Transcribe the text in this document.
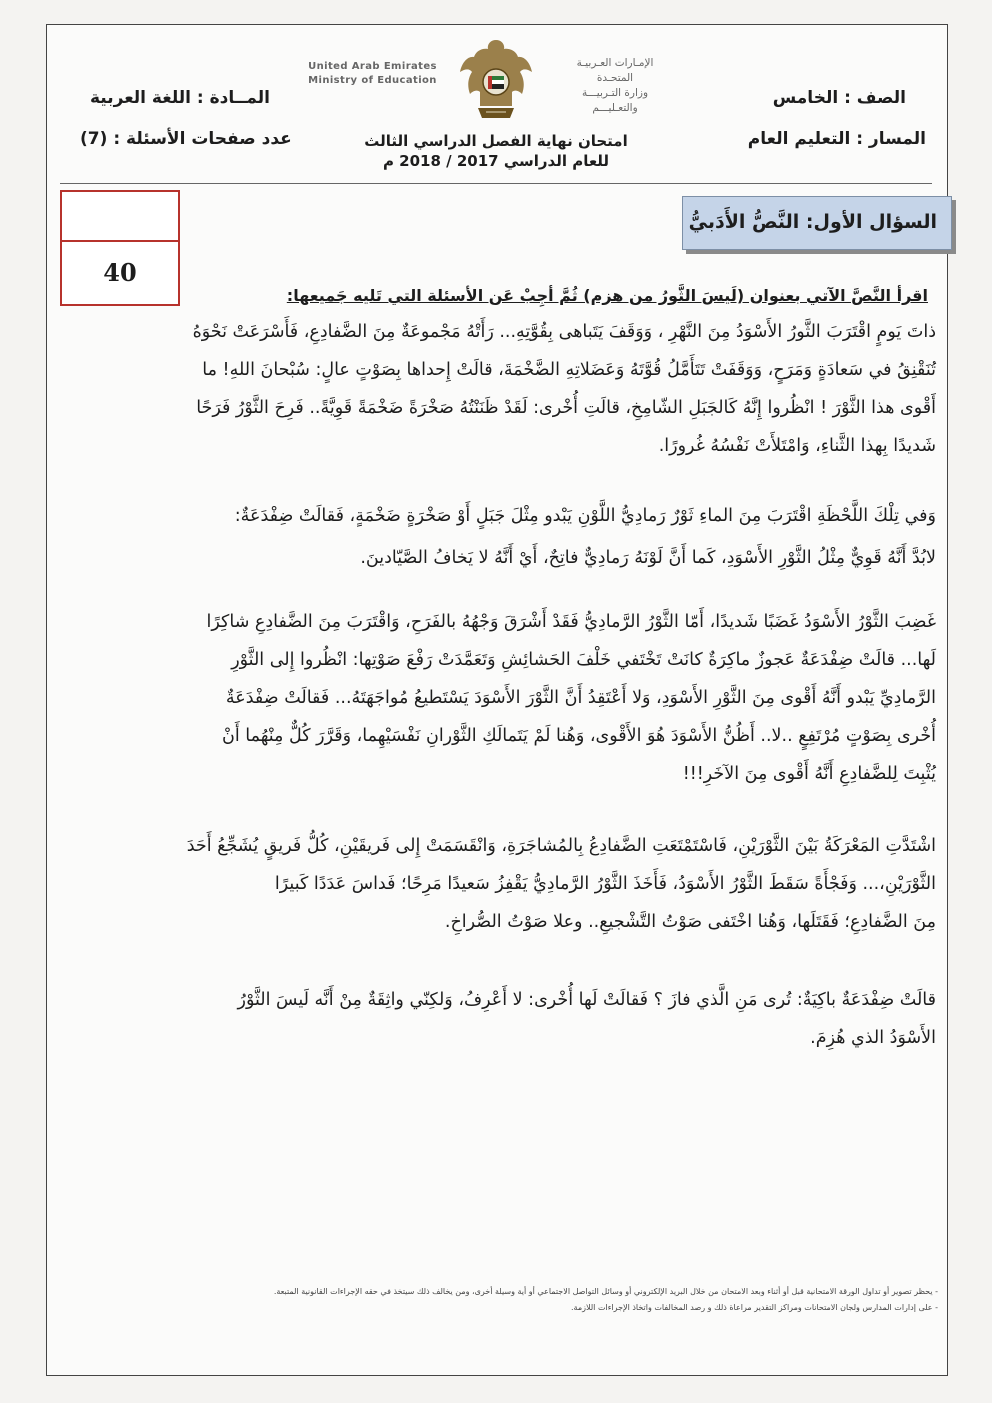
United Arab Emirates
Ministry of Education
الإمـارات العـربيـة المتحـدة
وزارة التـربيـــة والتعـليـــم	الصف : الخامس
المسار : التعليم العام
المــادة : اللغة العربية
عدد صفحات الأسئلة : (7)	امتحان نهاية الفصل الدراسي الثالث
للعام الدراسي 2017 / 2018 م
40
السؤال الأول: النَّصُّ الأَدَبيُّ
اقرأ النَّصَّ الآتي بعنوان (لَيسَ الثَّورُ من هزم) ثُمَّ أجِبْ عَن الأسئلة التي تَليه جَميعها:
ذاتَ يَومٍ اقْتَرَبَ الثَّورُ الأَسْوَدُ مِنَ النَّهْرِ ، وَوَقَفَ يَتَباهى بِقُوَّتِهِ... رَأَتْهُ مَجْموعَةٌ مِنَ الضَّفادِعِ، فَأَسْرَعَتْ نَحْوَهُ
تُنَقْنِقُ في سَعادَةٍ وَمَرَحٍ، وَوَقَفَتْ تَتَأَمَّلُ قُوَّتَهُ وَعَضَلاتِهِ الضَّخْمَةَ، قالَتْ إِحداها بِصَوْتٍ عالٍ: سُبْحانَ اللهِ! ما
أَقْوى هذا الثَّوْرَ ! انْظُروا إِنَّهُ كَالجَبَلِ الشّامِخِ، قالَتِ أُخْرى: لَقَدْ ظَنَنْتُهُ صَخْرَةً ضَخْمَةً قَوِيَّةً.. فَرِحَ الثَّوْرُ فَرَحًا
شَديدًا بِهذا الثَّناءِ، وَامْتَلأَتْ نَفْسُهُ غُرورًا.
وَفي تِلْكَ اللَّحْظَةِ اقْتَرَبَ مِنَ الماءِ ثَوْرٌ رَمادِيُّ اللَّوْنِ يَبْدو مِثْلَ جَبَلٍ أَوْ صَخْرَةٍ ضَخْمَةٍ، فَقالَتْ ضِفْدَعَةٌ:
لابُدَّ أَنَّهُ قَوِيٌّ مِثْلُ الثَّوْرِ الأَسْوَدِ، كَما أَنَّ لَوْنَهُ رَمادِيٌّ فاتِحٌ، أَيْ أَنَّهُ لا يَخافُ الصَّيّادينَ.
غَضِبَ الثَّوْرُ الأَسْوَدُ غَضَبًا شَديدًا، أَمّا الثَّوْرُ الرَّمادِيُّ فَقَدْ أَشْرَقَ وَجْهُهُ بالفَرَحِ، وَاقْتَرَبَ مِنَ الضَّفادِعِ شاكِرًا
لَها... قالَتْ ضِفْدَعَةٌ عَجوزٌ ماكِرَةٌ كانَتْ تَخْتَفي خَلْفَ الحَشائِشِ وَتَعَمَّدَتْ رَفْعَ صَوْتِها: انْظُروا إِلى الثَّوْرِ
الرَّمادِيِّ يَبْدو أَنَّهُ أَقْوى مِنَ الثَّوْرِ الأَسْوَدِ، وَلا أَعْتَقِدُ أَنَّ الثَّوْرَ الأَسْوَدَ يَسْتَطيعُ مُواجَهَتَهُ... فَقالَتْ ضِفْدَعَةٌ
أُخْرى بِصَوْتٍ مُرْتَفِعٍ ..لا.. أَظُنُّ الأَسْوَدَ هُوَ الأَقْوى، وَهُنا لَمْ يَتَمالَكِ الثَّوْرانِ نَفْسَيْهِما، وَقَرَّرَ كُلٌّ مِنْهُما أَنْ
يُثْبِتَ لِلضَّفادِعِ أَنَّهُ أَقْوى مِنَ الآخَرِ!!!
اشْتَدَّتِ المَعْرَكَةُ بَيْنَ الثَّوْرَيْنِ، فَاسْتَمْتَعَتِ الضَّفادِعُ بِالمُشاجَرَةِ، وَانْقَسَمَتْ إِلى فَريقَيْنِ، كُلُّ فَريقٍ يُشَجِّعُ أَحَدَ
الثَّوْرَيْنِ،... وَفَجْأَةً سَقَطَ الثَّوْرُ الأَسْوَدُ، فَأَخَذَ الثَّوْرُ الرَّمادِيُّ يَقْفِزُ سَعيدًا مَرِحًا؛ فَداسَ عَدَدًا كَبيرًا
مِنَ الضَّفادِعِ؛ فَقَتَلَها، وَهُنا اخْتَفى صَوْتُ التَّشْجيعِ.. وعلا صَوْتُ الصُّراخِ.
قالَتْ ضِفْدَعَةٌ باكِيَةٌ: تُرى مَنِ الَّذي فازَ ؟ فَقالَتْ لَها أُخْرى: لا أَعْرِفُ، وَلكِنّي واثِقَةٌ مِنْ أَنَّه لَيسَ الثَّوْرُ
الأَسْوَدُ الذي هُزِمَ.
- يحظر تصوير أو تداول الورقة الامتحانية قبل أو أثناء وبعد الامتحان من خلال البريد الإلكتروني أو وسائل التواصل الاجتماعي أو أية وسيلة أخرى، ومن يخالف ذلك سيتخذ في حقه الإجراءات القانونية المتبعة.
- على إدارات المدارس ولجان الامتحانات ومراكز التقدير مراعاة ذلك و رصد المخالفات واتخاذ الإجراءات اللازمة.
